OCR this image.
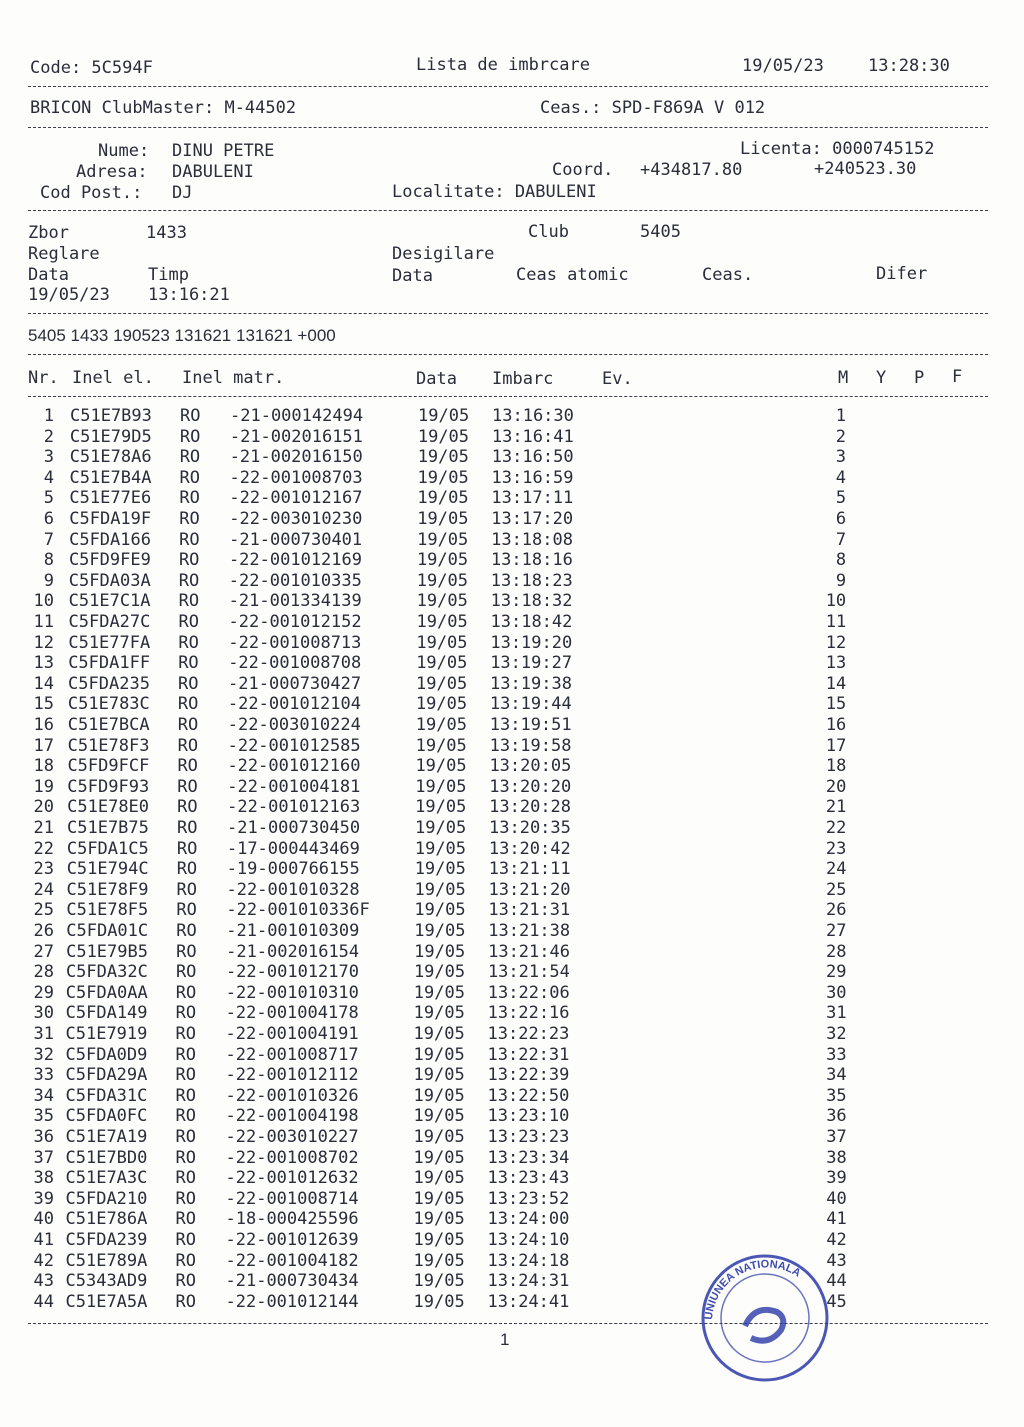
Code: 5C594F	Lista de imbrcare	19/05/23	13:28:30
BRICON ClubMaster: M-44502	Ceas.: SPD-F869A V 012
Nume: DINU PETRE	Licenta: 0000745152
Adresa: DABULENI	Coord. +434817.80	+240523.30
Cod Post.: DJ	Localitate: DABULENI
Zbor	1433	Club	5405
Reglare	Desigilare
Data	Timp	Data	Ceas atomic	Ceas.	Difer
19/05/23 13:16:21
5405 1433 190523 131621 131621 +000
Nr. Inel el. Inel matr.	Data Imbarc	Ev.	M Y P F
1 C51E7B93 RO -21-000142494	19/05 13:16:30	1
2 C51E79D5 RO -21-002016151	19/05 13:16:41	2
3 C51E78A6 RO -21-002016150	19/05 13:16:50	3
4 C51E7B4A RO -22-001008703	19/05 13:16:59	4
5 C51E77E6 RO -22-001012167	19/05 13:17:11	5
6 C5FDA19F RO -22-003010230	19/05 13:17:20	6
7 C5FDA166 RO -21-000730401	19/05 13:18:08	7
8 C5FD9FE9 RO -22-001012169	19/05 13:18:16	8
9 C5FDA03A RO -22-001010335	19/05 13:18:23	9
10 C51E7C1A RO -21-001334139	19/05 13:18:32	10
11 C5FDA27C RO -22-001012152	19/05 13:18:42	11
12 C51E77FA RO -22-001008713	19/05 13:19:20	12
13 C5FDA1FF RO -22-001008708	19/05 13:19:27	13
14 C5FDA235 RO -21-000730427	19/05 13:19:38	14
15 C51E783C RO -22-001012104	19/05 13:19:44	15
16 C51E7BCA RO -22-003010224	19/05 13:19:51	16
17 C51E78F3 RO -22-001012585	19/05 13:19:58	17
18 C5FD9FCF RO -22-001012160	19/05 13:20:05	18
19 C5FD9F93 RO -22-001004181	19/05 13:20:20	20
20 C51E78E0 RO -22-001012163	19/05 13:20:28	21
21 C51E7B75 RO -21-000730450	19/05 13:20:35	22
22 C5FDA1C5 RO -17-000443469	19/05 13:20:42	23
23 C51E794C RO -19-000766155	19/05 13:21:11	24
24 C51E78F9 RO -22-001010328	19/05 13:21:20	25
25 C51E78F5 RO -22-001010336F	19/05 13:21:31	26
26 C5FDA01C RO -21-001010309	19/05 13:21:38	27
27 C51E79B5 RO -21-002016154	19/05 13:21:46	28
28 C5FDA32C RO -22-001012170	19/05 13:21:54	29
29 C5FDA0AA RO -22-001010310	19/05 13:22:06	30
30 C5FDA149 RO -22-001004178	19/05 13:22:16	31
31 C51E7919 RO -22-001004191	19/05 13:22:23	32
32 C5FDA0D9 RO -22-001008717	19/05 13:22:31	33
33 C5FDA29A RO -22-001012112	19/05 13:22:39	34
34 C5FDA31C RO -22-001010326	19/05 13:22:50	35
35 C5FDA0FC RO -22-001004198	19/05 13:23:10	36
36 C51E7A19 RO -22-003010227	19/05 13:23:23	37
37 C51E7BD0 RO -22-001008702	19/05 13:23:34	38
38 C51E7A3C RO -22-001012632	19/05 13:23:43	39
39 C5FDA210 RO -22-001008714	19/05 13:23:52	40
40 C51E786A RO -18-000425596	19/05 13:24:00	41
41 C5FDA239 RO -22-001012639	19/05 13:24:10	42
42 C51E789A RO -22-001004182	19/05 13:24:18	43
43 C5343AD9 RO -21-000730434	19/05 13:24:31	44
44 C51E7A5A RO -22-001012144	19/05 13:24:41	45
1
UNIUNEA NATIONALA
